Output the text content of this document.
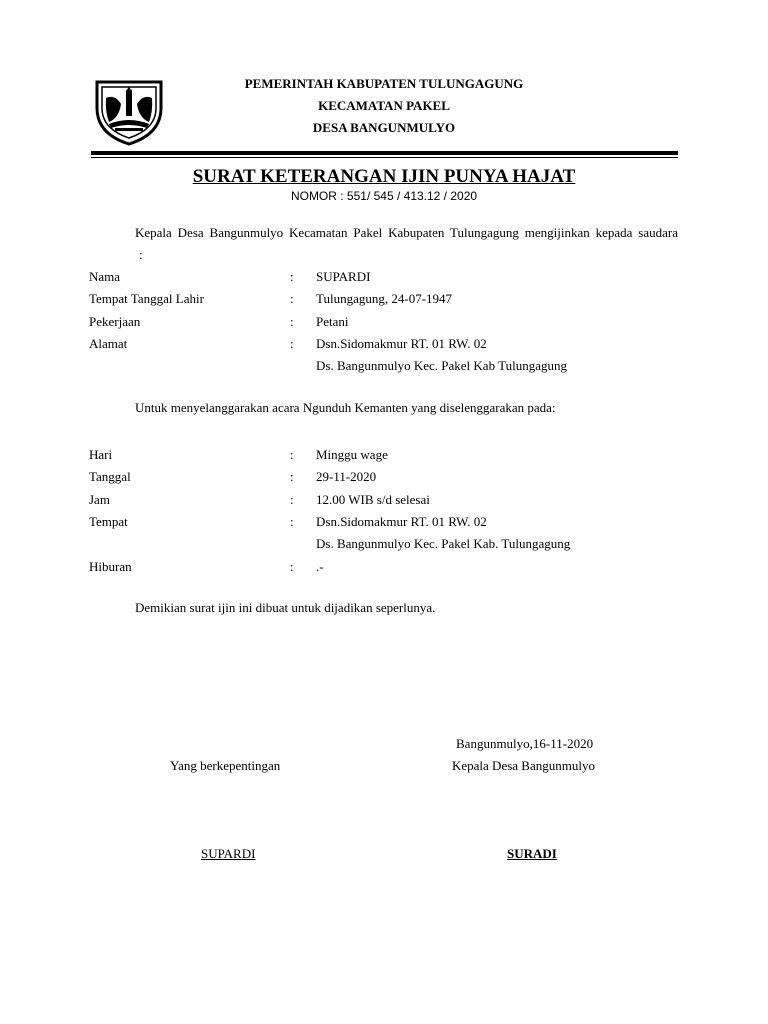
PEMERINTAH KABUPATEN TULUNGAGUNG
KECAMATAN PAKEL
DESA BANGUNMULYO
SURAT KETERANGAN IJIN PUNYA HAJAT
NOMOR : 551/ 545 / 413.12 / 2020
Kepala Desa Bangunmulyo Kecamatan Pakel Kabupaten Tulungagung mengijinkan kepada saudara:
Nama	: SUPARDI
Tempat Tanggal Lahir	: Tulungagung, 24-07-1947
Pekerjaan	: Petani
Alamat	: Dsn.Sidomakmur RT. 01 RW. 02
Ds. Bangunmulyo Kec. Pakel Kab Tulungagung
Untuk menyelanggarakan acara Ngunduh Kemanten yang diselenggarakan pada:
Hari	: Minggu wage
Tanggal	: 29-11-2020
Jam	: 12.00 WIB s/d selesai
Tempat	: Dsn.Sidomakmur RT. 01 RW. 02
Ds. Bangunmulyo Kec. Pakel Kab. Tulungagung
Hiburan	: .-
Demikian surat ijin ini dibuat untuk dijadikan seperlunya.
Bangunmulyo,16-11-2020
Yang berkepentingan	Kepala Desa Bangunmulyo
SUPARDI	SURADI
